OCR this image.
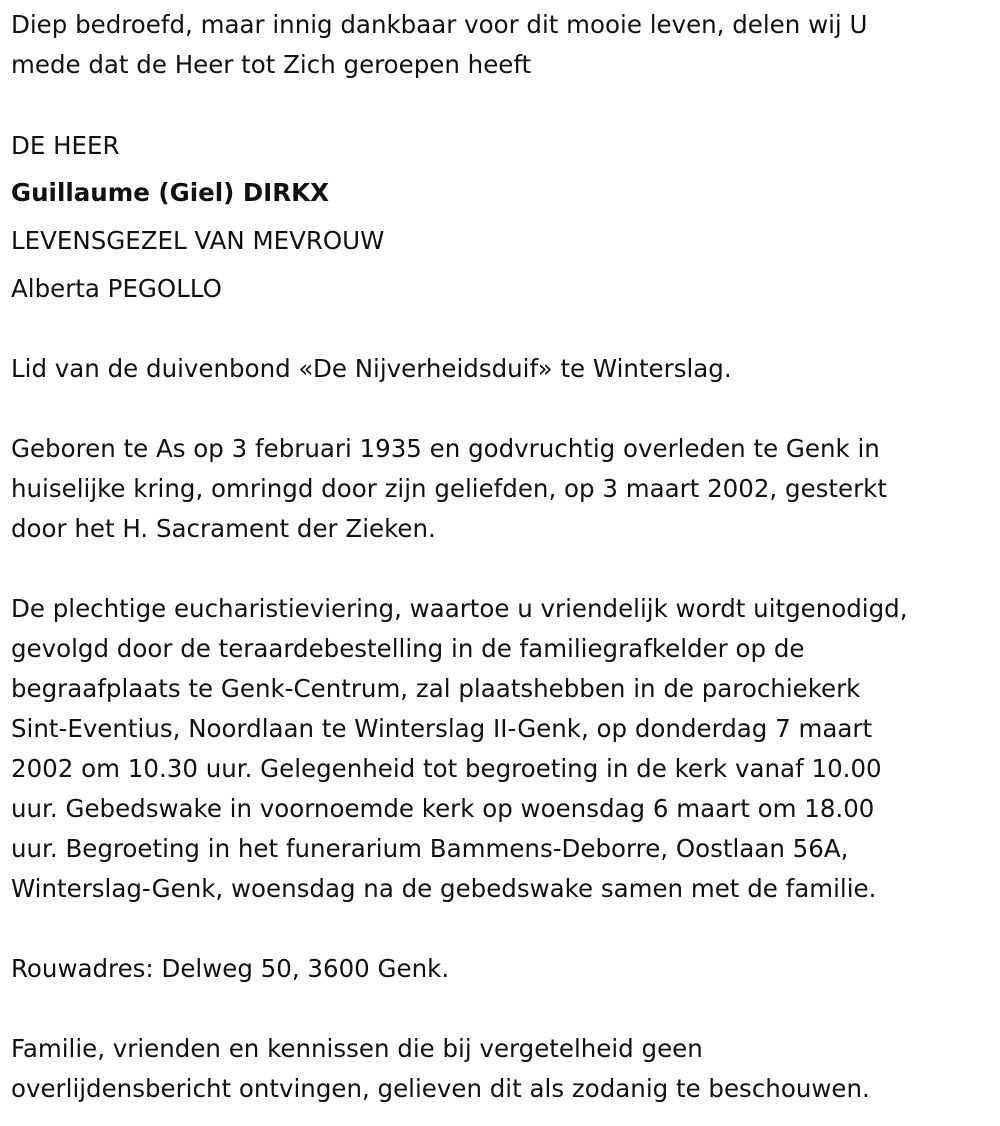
Diep bedroefd, maar innig dankbaar voor dit mooie leven, delen wij U
mede dat de Heer tot Zich geroepen heeft
DE HEER
Guillaume (Giel) DIRKX
LEVENSGEZEL VAN MEVROUW
Alberta PEGOLLO
Lid van de duivenbond «De Nijverheidsduif» te Winterslag.
Geboren te As op 3 februari 1935 en godvruchtig overleden te Genk in
huiselijke kring, omringd door zijn geliefden, op 3 maart 2002, gesterkt
door het H. Sacrament der Zieken.
De plechtige eucharistieviering, waartoe u vriendelijk wordt uitgenodigd,
gevolgd door de teraardebestelling in de familiegrafkelder op de
begraafplaats te Genk-Centrum, zal plaatshebben in de parochiekerk
Sint-Eventius, Noordlaan te Winterslag II-Genk, op donderdag 7 maart
2002 om 10.30 uur. Gelegenheid tot begroeting in de kerk vanaf 10.00
uur. Gebedswake in voornoemde kerk op woensdag 6 maart om 18.00
uur. Begroeting in het funerarium Bammens-Deborre, Oostlaan 56A,
Winterslag-Genk, woensdag na de gebedswake samen met de familie.
Rouwadres: Delweg 50, 3600 Genk.
Familie, vrienden en kennissen die bij vergetelheid geen
overlijdensbericht ontvingen, gelieven dit als zodanig te beschouwen.
